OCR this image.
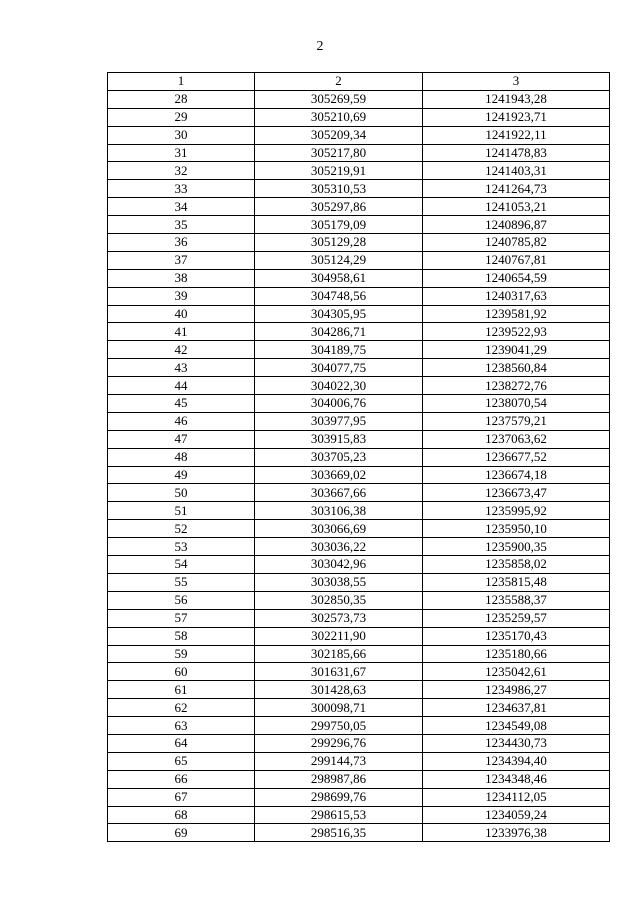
2
1	2	3
28	305269,59	1241943,28
29	305210,69	1241923,71
30	305209,34	1241922,11
31	305217,80	1241478,83
32	305219,91	1241403,31
33	305310,53	1241264,73
34	305297,86	1241053,21
35	305179,09	1240896,87
36	305129,28	1240785,82
37	305124,29	1240767,81
38	304958,61	1240654,59
39	304748,56	1240317,63
40	304305,95	1239581,92
41	304286,71	1239522,93
42	304189,75	1239041,29
43	304077,75	1238560,84
44	304022,30	1238272,76
45	304006,76	1238070,54
46	303977,95	1237579,21
47	303915,83	1237063,62
48	303705,23	1236677,52
49	303669,02	1236674,18
50	303667,66	1236673,47
51	303106,38	1235995,92
52	303066,69	1235950,10
53	303036,22	1235900,35
54	303042,96	1235858,02
55	303038,55	1235815,48
56	302850,35	1235588,37
57	302573,73	1235259,57
58	302211,90	1235170,43
59	302185,66	1235180,66
60	301631,67	1235042,61
61	301428,63	1234986,27
62	300098,71	1234637,81
63	299750,05	1234549,08
64	299296,76	1234430,73
65	299144,73	1234394,40
66	298987,86	1234348,46
67	298699,76	1234112,05
68	298615,53	1234059,24
69	298516,35	1233976,38
